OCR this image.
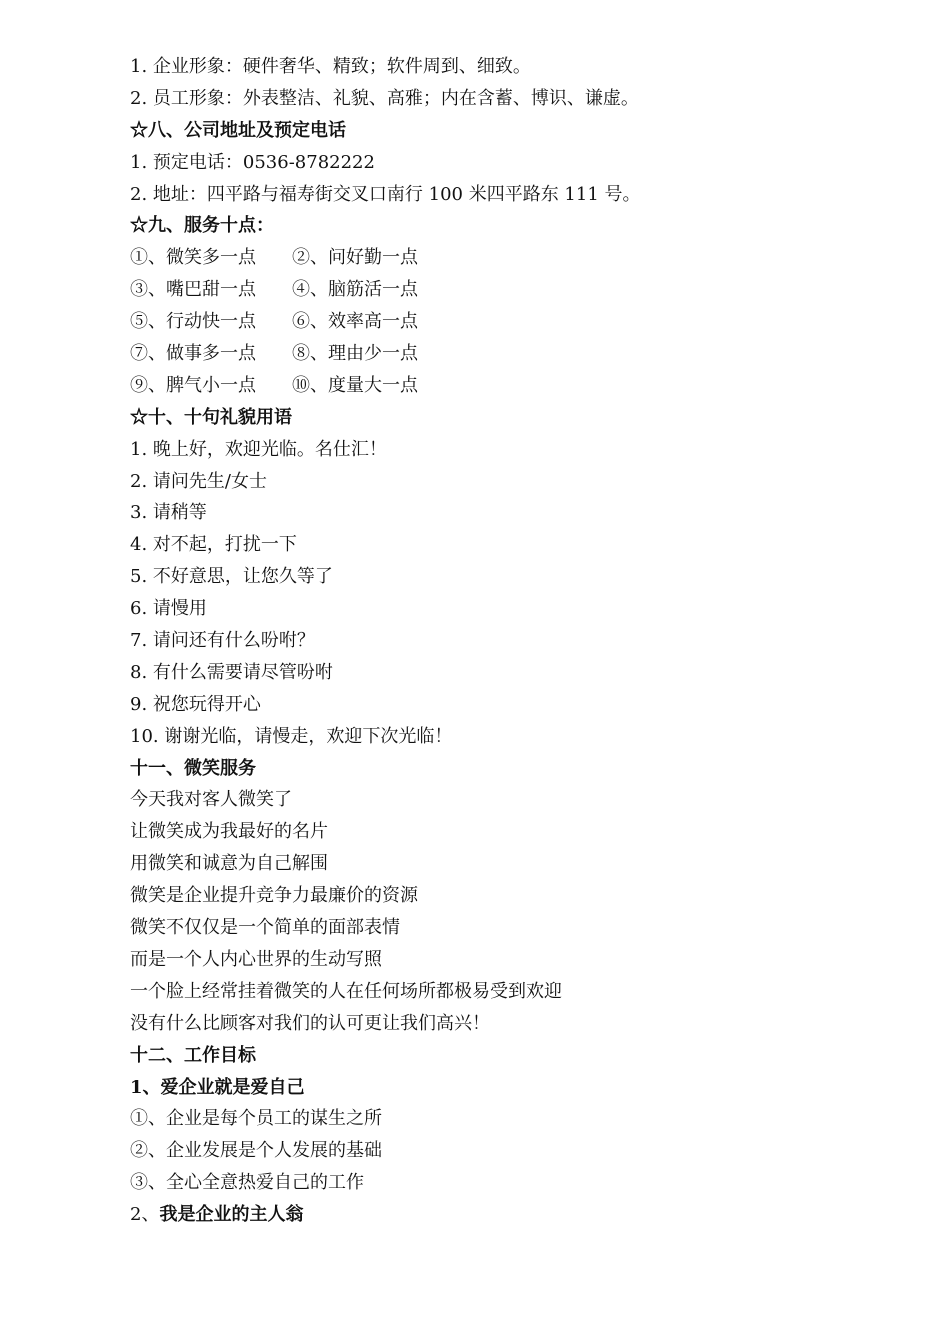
1. 企业形象：硬件奢华、精致；软件周到、细致。
2. 员工形象：外表整洁、礼貌、高雅；内在含蓄、博识、谦虚。
☆八、公司地址及预定电话
1. 预定电话：0536-8782222
2. 地址：四平路与福寿街交叉口南行 100 米四平路东 111 号。
☆九、服务十点：
①、微笑多一点 ②、问好勤一点
③、嘴巴甜一点 ④、脑筋活一点
⑤、行动快一点 ⑥、效率高一点
⑦、做事多一点 ⑧、理由少一点
⑨、脾气小一点 ⑩、度量大一点
☆十、十句礼貌用语
1. 晚上好，欢迎光临。名仕汇！
2. 请问先生/女士
3. 请稍等
4. 对不起，打扰一下
5. 不好意思，让您久等了
6. 请慢用
7. 请问还有什么吩咐？
8. 有什么需要请尽管吩咐
9. 祝您玩得开心
10. 谢谢光临，请慢走，欢迎下次光临！
十一、微笑服务
今天我对客人微笑了
让微笑成为我最好的名片
用微笑和诚意为自己解围
微笑是企业提升竞争力最廉价的资源
微笑不仅仅是一个简单的面部表情
而是一个人内心世界的生动写照
一个脸上经常挂着微笑的人在任何场所都极易受到欢迎
没有什么比顾客对我们的认可更让我们高兴！
十二、工作目标
1、爱企业就是爱自己
①、企业是每个员工的谋生之所
②、企业发展是个人发展的基础
③、全心全意热爱自己的工作
2、我是企业的主人翁
